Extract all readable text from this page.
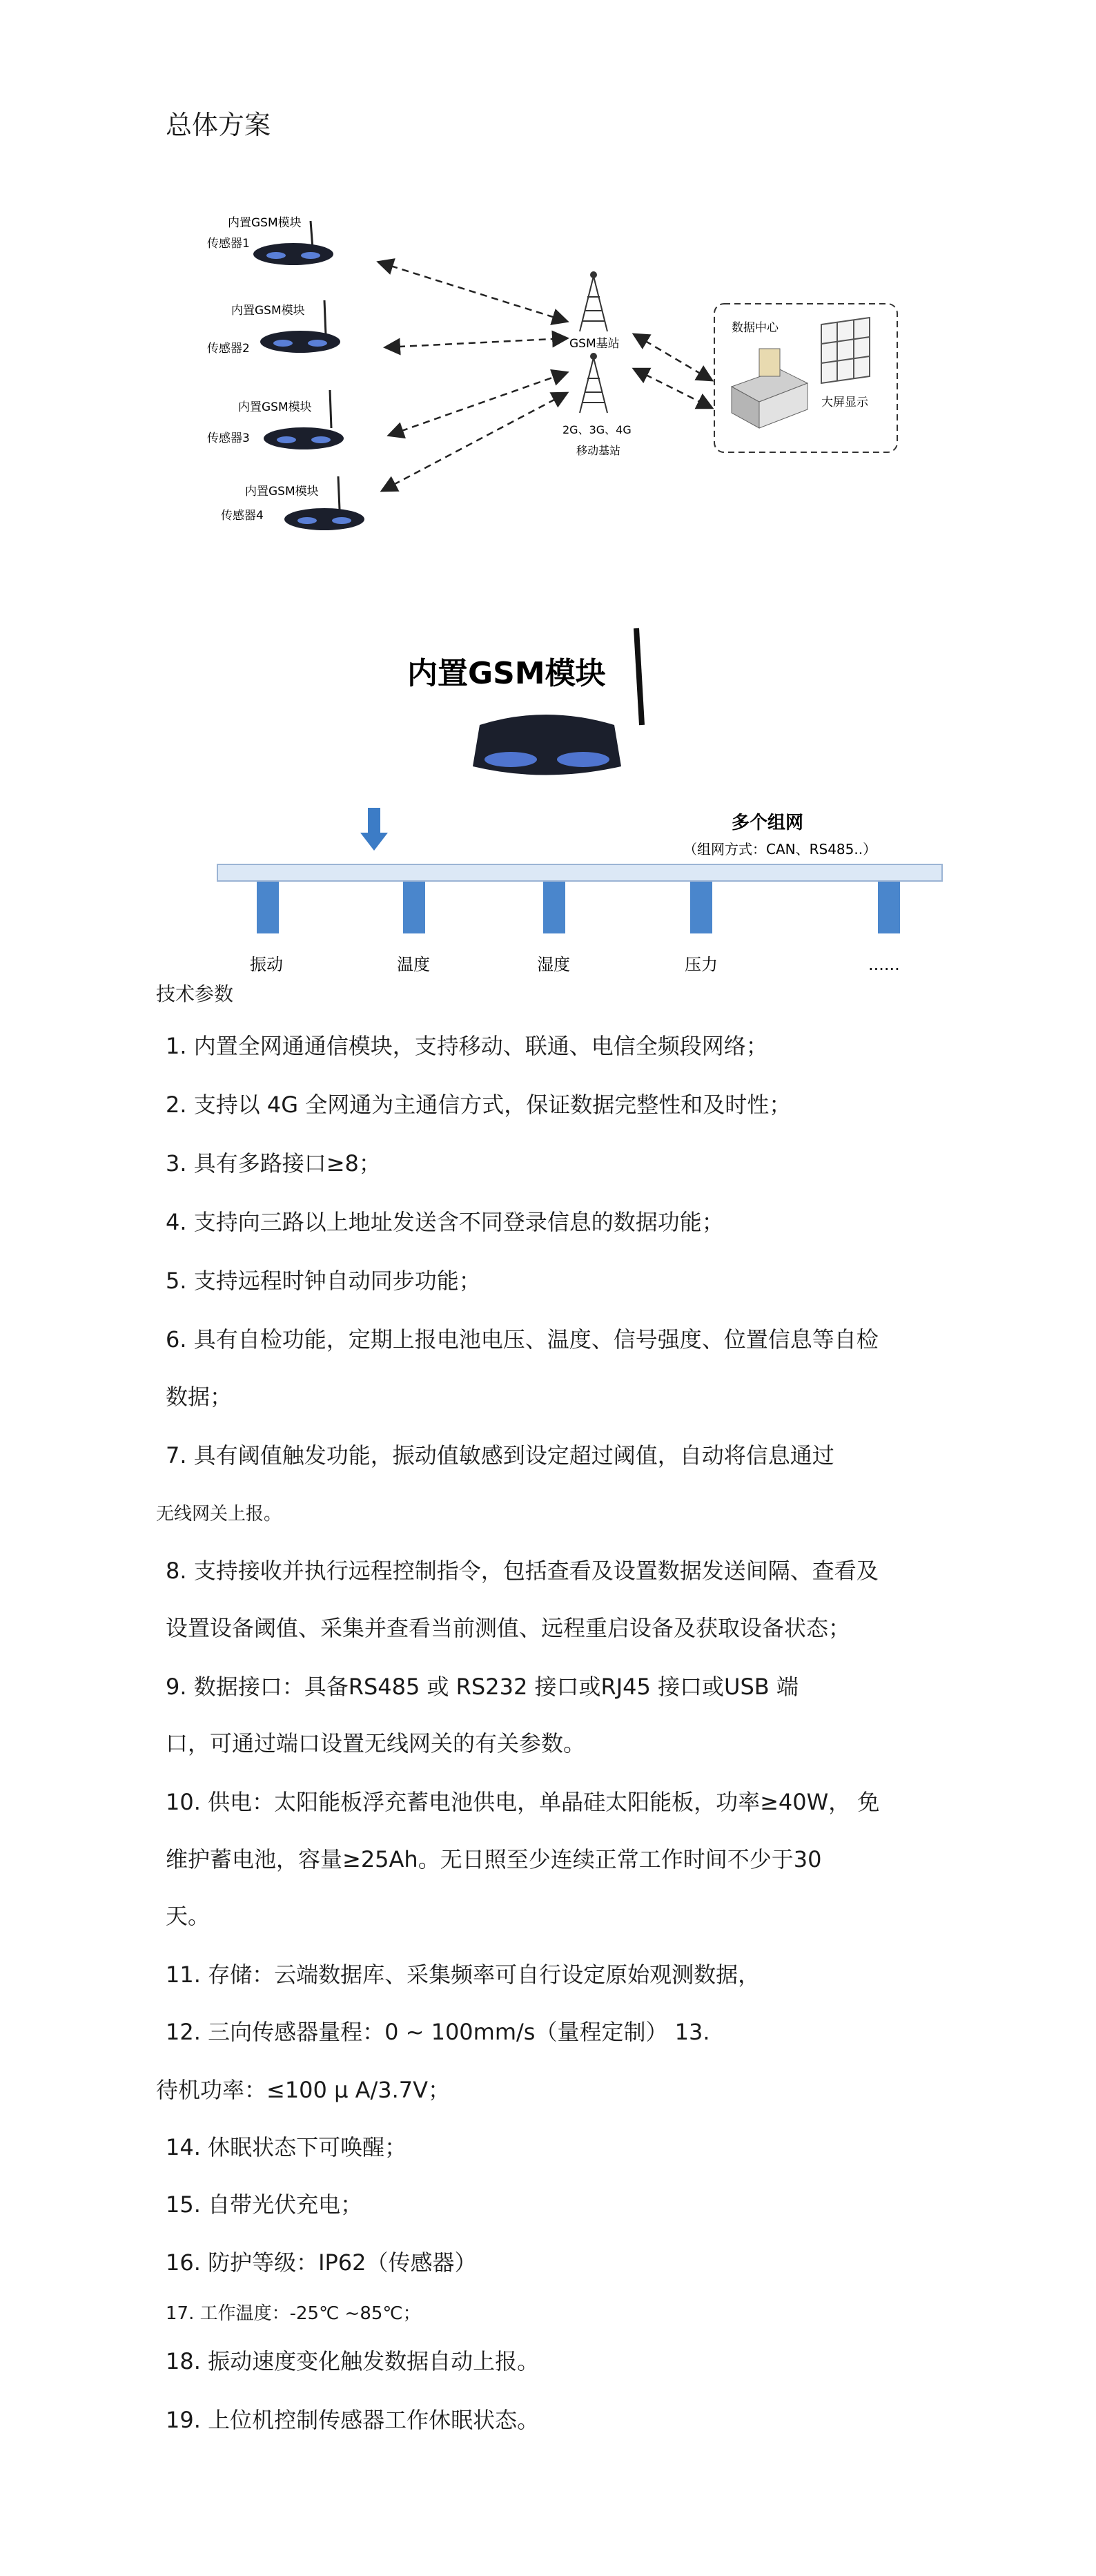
总体方案
内置GSM模块
传感器1
内置GSM模块
传感器2
内置GSM模块
传感器3
内置GSM模块
传感器4
GSM基站
2G、3G、4G
移动基站
数据中心
大屏显示
内置GSM模块
多个组网
（组网方式：CAN、RS485..）
振动	温度	湿度	压力	......
技术参数
1. 内置全网通通信模块，支持移动、联通、电信全频段网络；
2. 支持以 4G 全网通为主通信方式，保证数据完整性和及时性；
3. 具有多路接口≥8；
4. 支持向三路以上地址发送含不同登录信息的数据功能；
5. 支持远程时钟自动同步功能；
6. 具有自检功能，定期上报电池电压、温度、信号强度、位置信息等自检
数据；
7. 具有阈值触发功能，振动值敏感到设定超过阈值，自动将信息通过
无线网关上报。
8. 支持接收并执行远程控制指令，包括查看及设置数据发送间隔、查看及
设置设备阈值、采集并查看当前测值、远程重启设备及获取设备状态；
9. 数据接口：具备RS485 或 RS232 接口或RJ45 接口或USB 端
口，可通过端口设置无线网关的有关参数。
10. 供电：太阳能板浮充蓄电池供电，单晶硅太阳能板，功率≥40W， 免
维护蓄电池，容量≥25Ah。无日照至少连续正常工作时间不少于30
天。
11. 存储：云端数据库、采集频率可自行设定原始观测数据，
12. 三向传感器量程：0 ~ 100mm/s（量程定制） 13.
待机功率：≤100 μ A/3.7V；
14. 休眠状态下可唤醒；
15. 自带光伏充电；
16. 防护等级：IP62（传感器）
17. 工作温度：-25℃ ~85℃；
18. 振动速度变化触发数据自动上报。
19. 上位机控制传感器工作休眠状态。
